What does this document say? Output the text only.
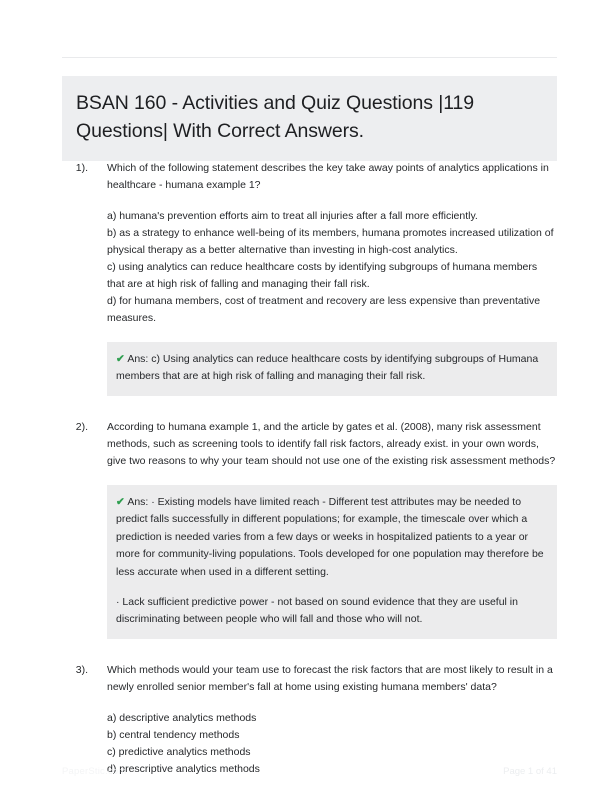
BSAN 160 - Activities and Quiz Questions |119 Questions| With Correct Answers.
1). Which of the following statement describes the key take away points of analytics applications in healthcare - humana example 1?

a) humana's prevention efforts aim to treat all injuries after a fall more efficiently.

b) as a strategy to enhance well-being of its members, humana promotes increased utilization of physical therapy as a better alternative than investing in high-cost analytics.

c) using analytics can reduce healthcare costs by identifying subgroups of humana members that are at high risk of falling and managing their fall risk.

d) for humana members, cost of treatment and recovery are less expensive than preventative measures.

✔ Ans: c) Using analytics can reduce healthcare costs by identifying subgroups of Humana members that are at high risk of falling and managing their fall risk.

2). According to humana example 1, and the article by gates et al. (2008), many risk assessment methods, such as screening tools to identify fall risk factors, already exist. in your own words, give two reasons to why your team should not use one of the existing risk assessment methods?

✔ Ans: · Existing models have limited reach - Different test attributes may be needed to predict falls successfully in different populations; for example, the timescale over which a prediction is needed varies from a few days or weeks in hospitalized patients to a year or more for community-living populations. Tools developed for one population may therefore be less accurate when used in a different setting.

· Lack sufficient predictive power - not based on sound evidence that they are useful in discriminating between people who will fall and those who will not.

3). Which methods would your team use to forecast the risk factors that are most likely to result in a newly enrolled senior member's fall at home using existing humana members' data?

a) descriptive analytics methods

b) central tendency methods

c) predictive analytics methods

d) prescriptive analytics methods

PaperStic.com	Page 1 of 41
